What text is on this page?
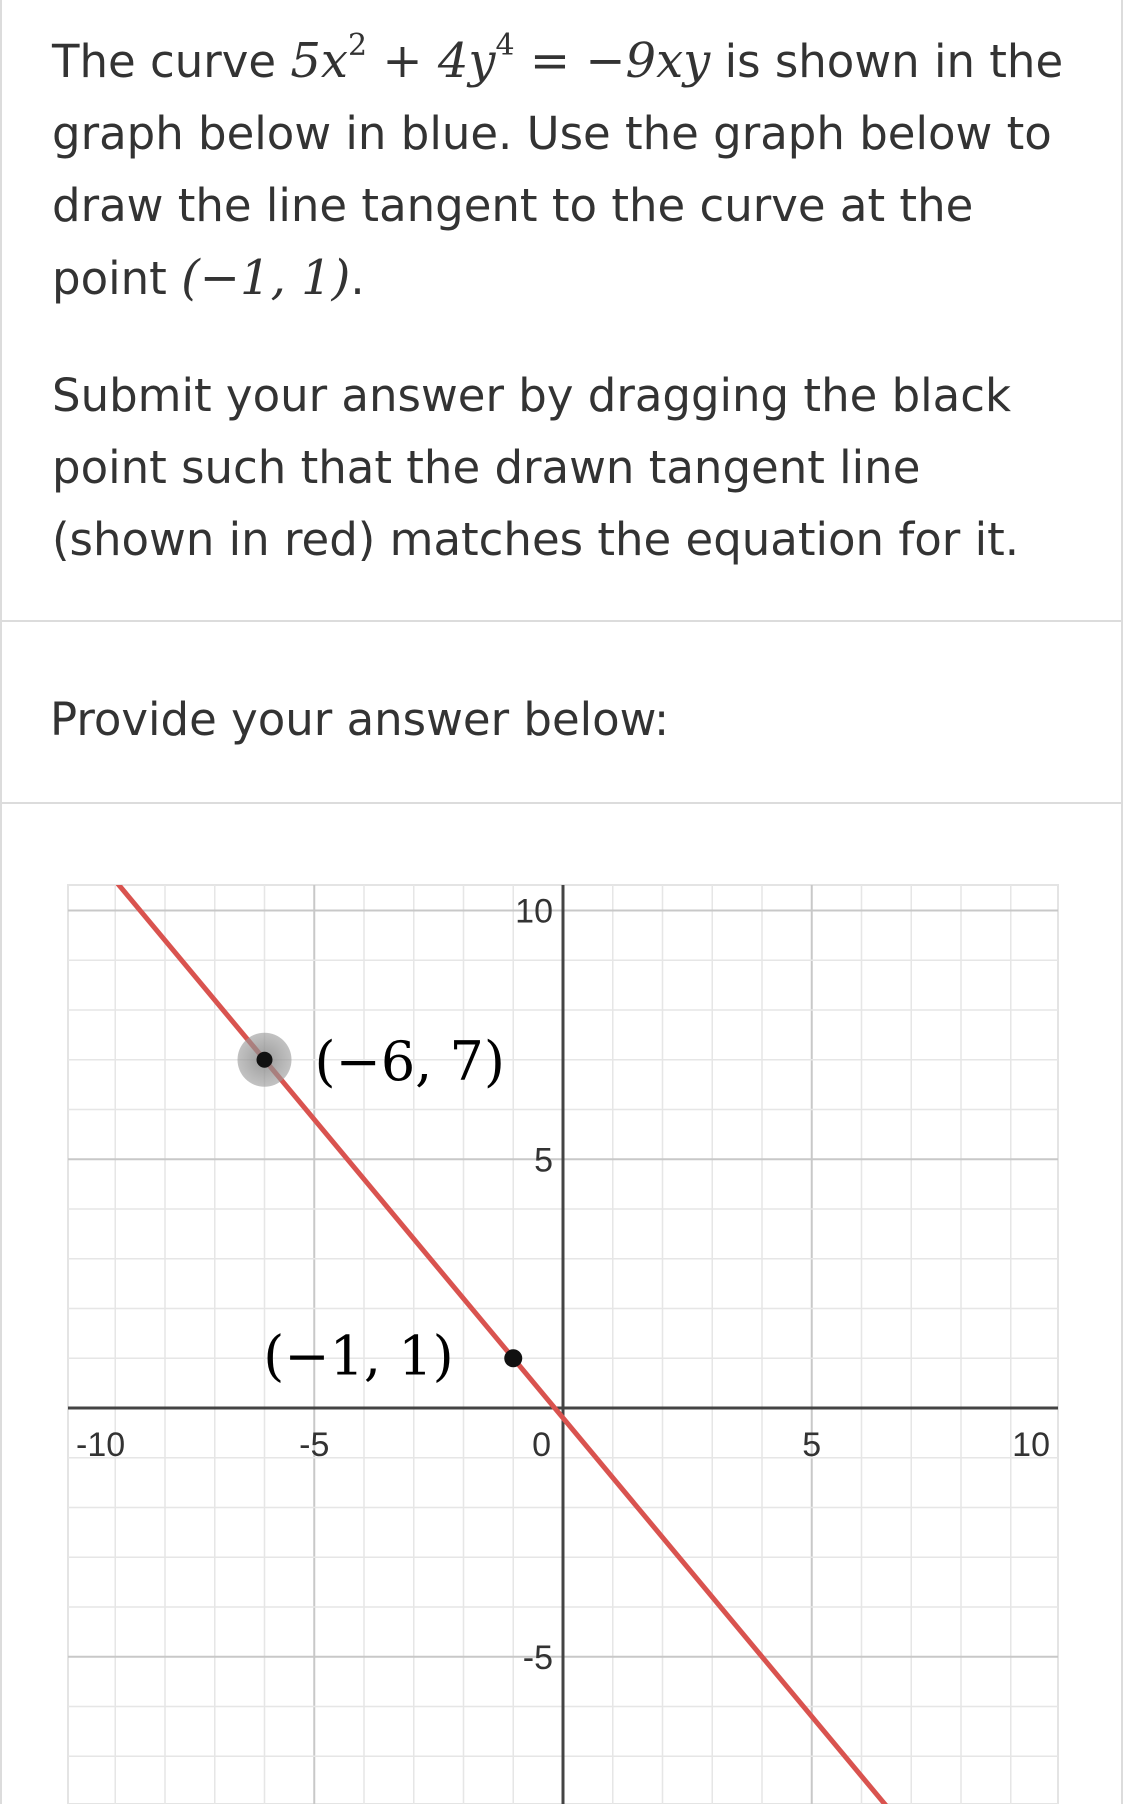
The curve $5x^2 + 4y^4 = -9xy$ is shown in the graph below in blue. Use the graph below to draw the line tangent to the curve at the point (−1, 1).
Submit your answer by dragging the black point such that the drawn tangent line (shown in red) matches the equation for it.
Provide your answer below:
-10	-5	0	5	10
10
5
-5
(−6, 7)
(−1, 1)
